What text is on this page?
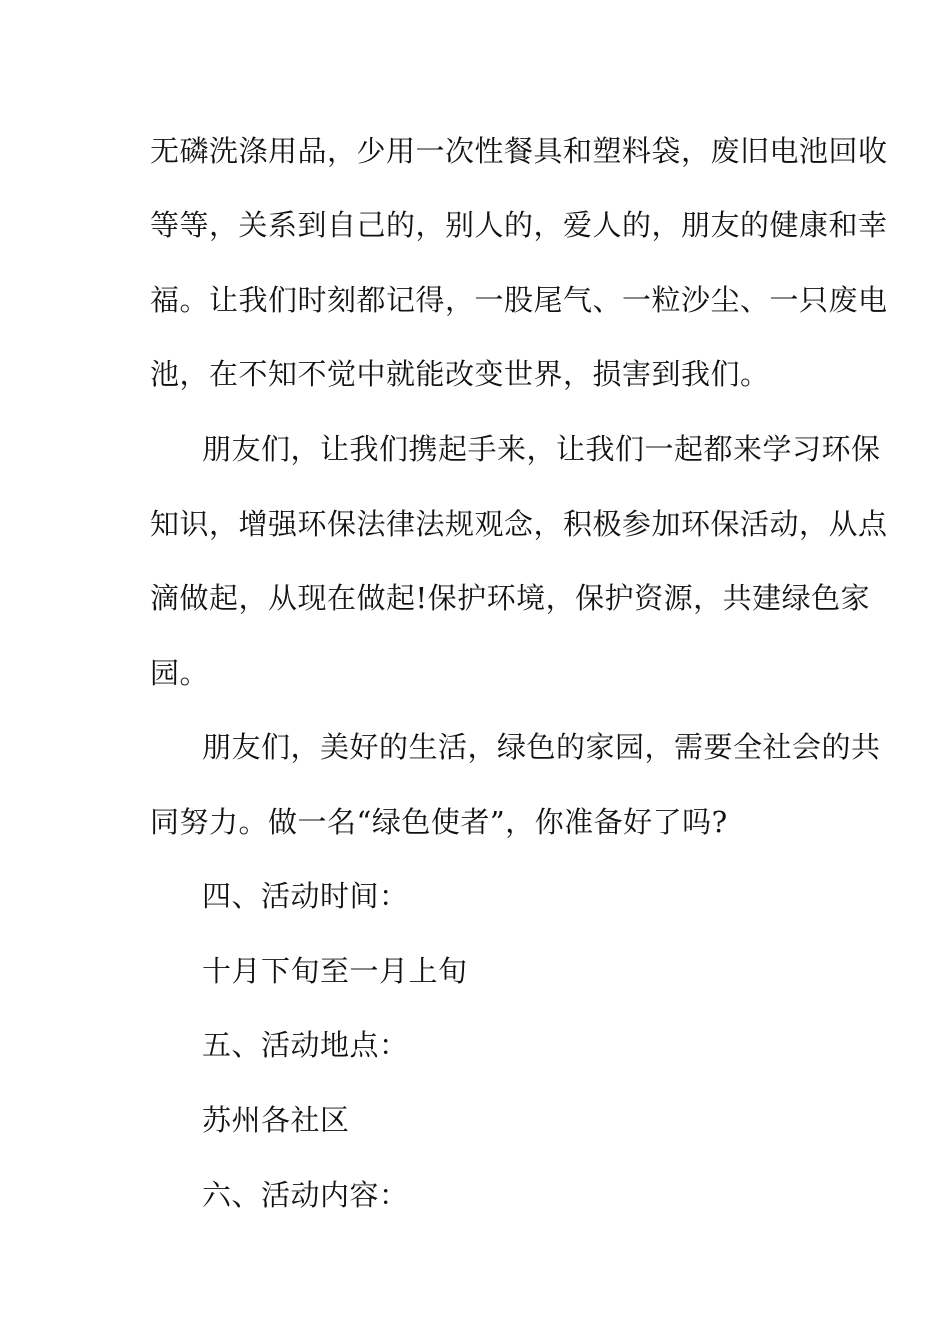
无磷洗涤用品，少用一次性餐具和塑料袋，废旧电池回收
等等，关系到自己的，别人的，爱人的，朋友的健康和幸
福。让我们时刻都记得，一股尾气、一粒沙尘、一只废电
池，在不知不觉中就能改变世界，损害到我们。
朋友们，让我们携起手来，让我们一起都来学习环保
知识，增强环保法律法规观念，积极参加环保活动，从点
滴做起，从现在做起!保护环境，保护资源，共建绿色家
园。
朋友们，美好的生活，绿色的家园，需要全社会的共
同努力。做一名“绿色使者”，你准备好了吗?
四、活动时间：
十月下旬至一月上旬
五、活动地点：
苏州各社区
六、活动内容：
